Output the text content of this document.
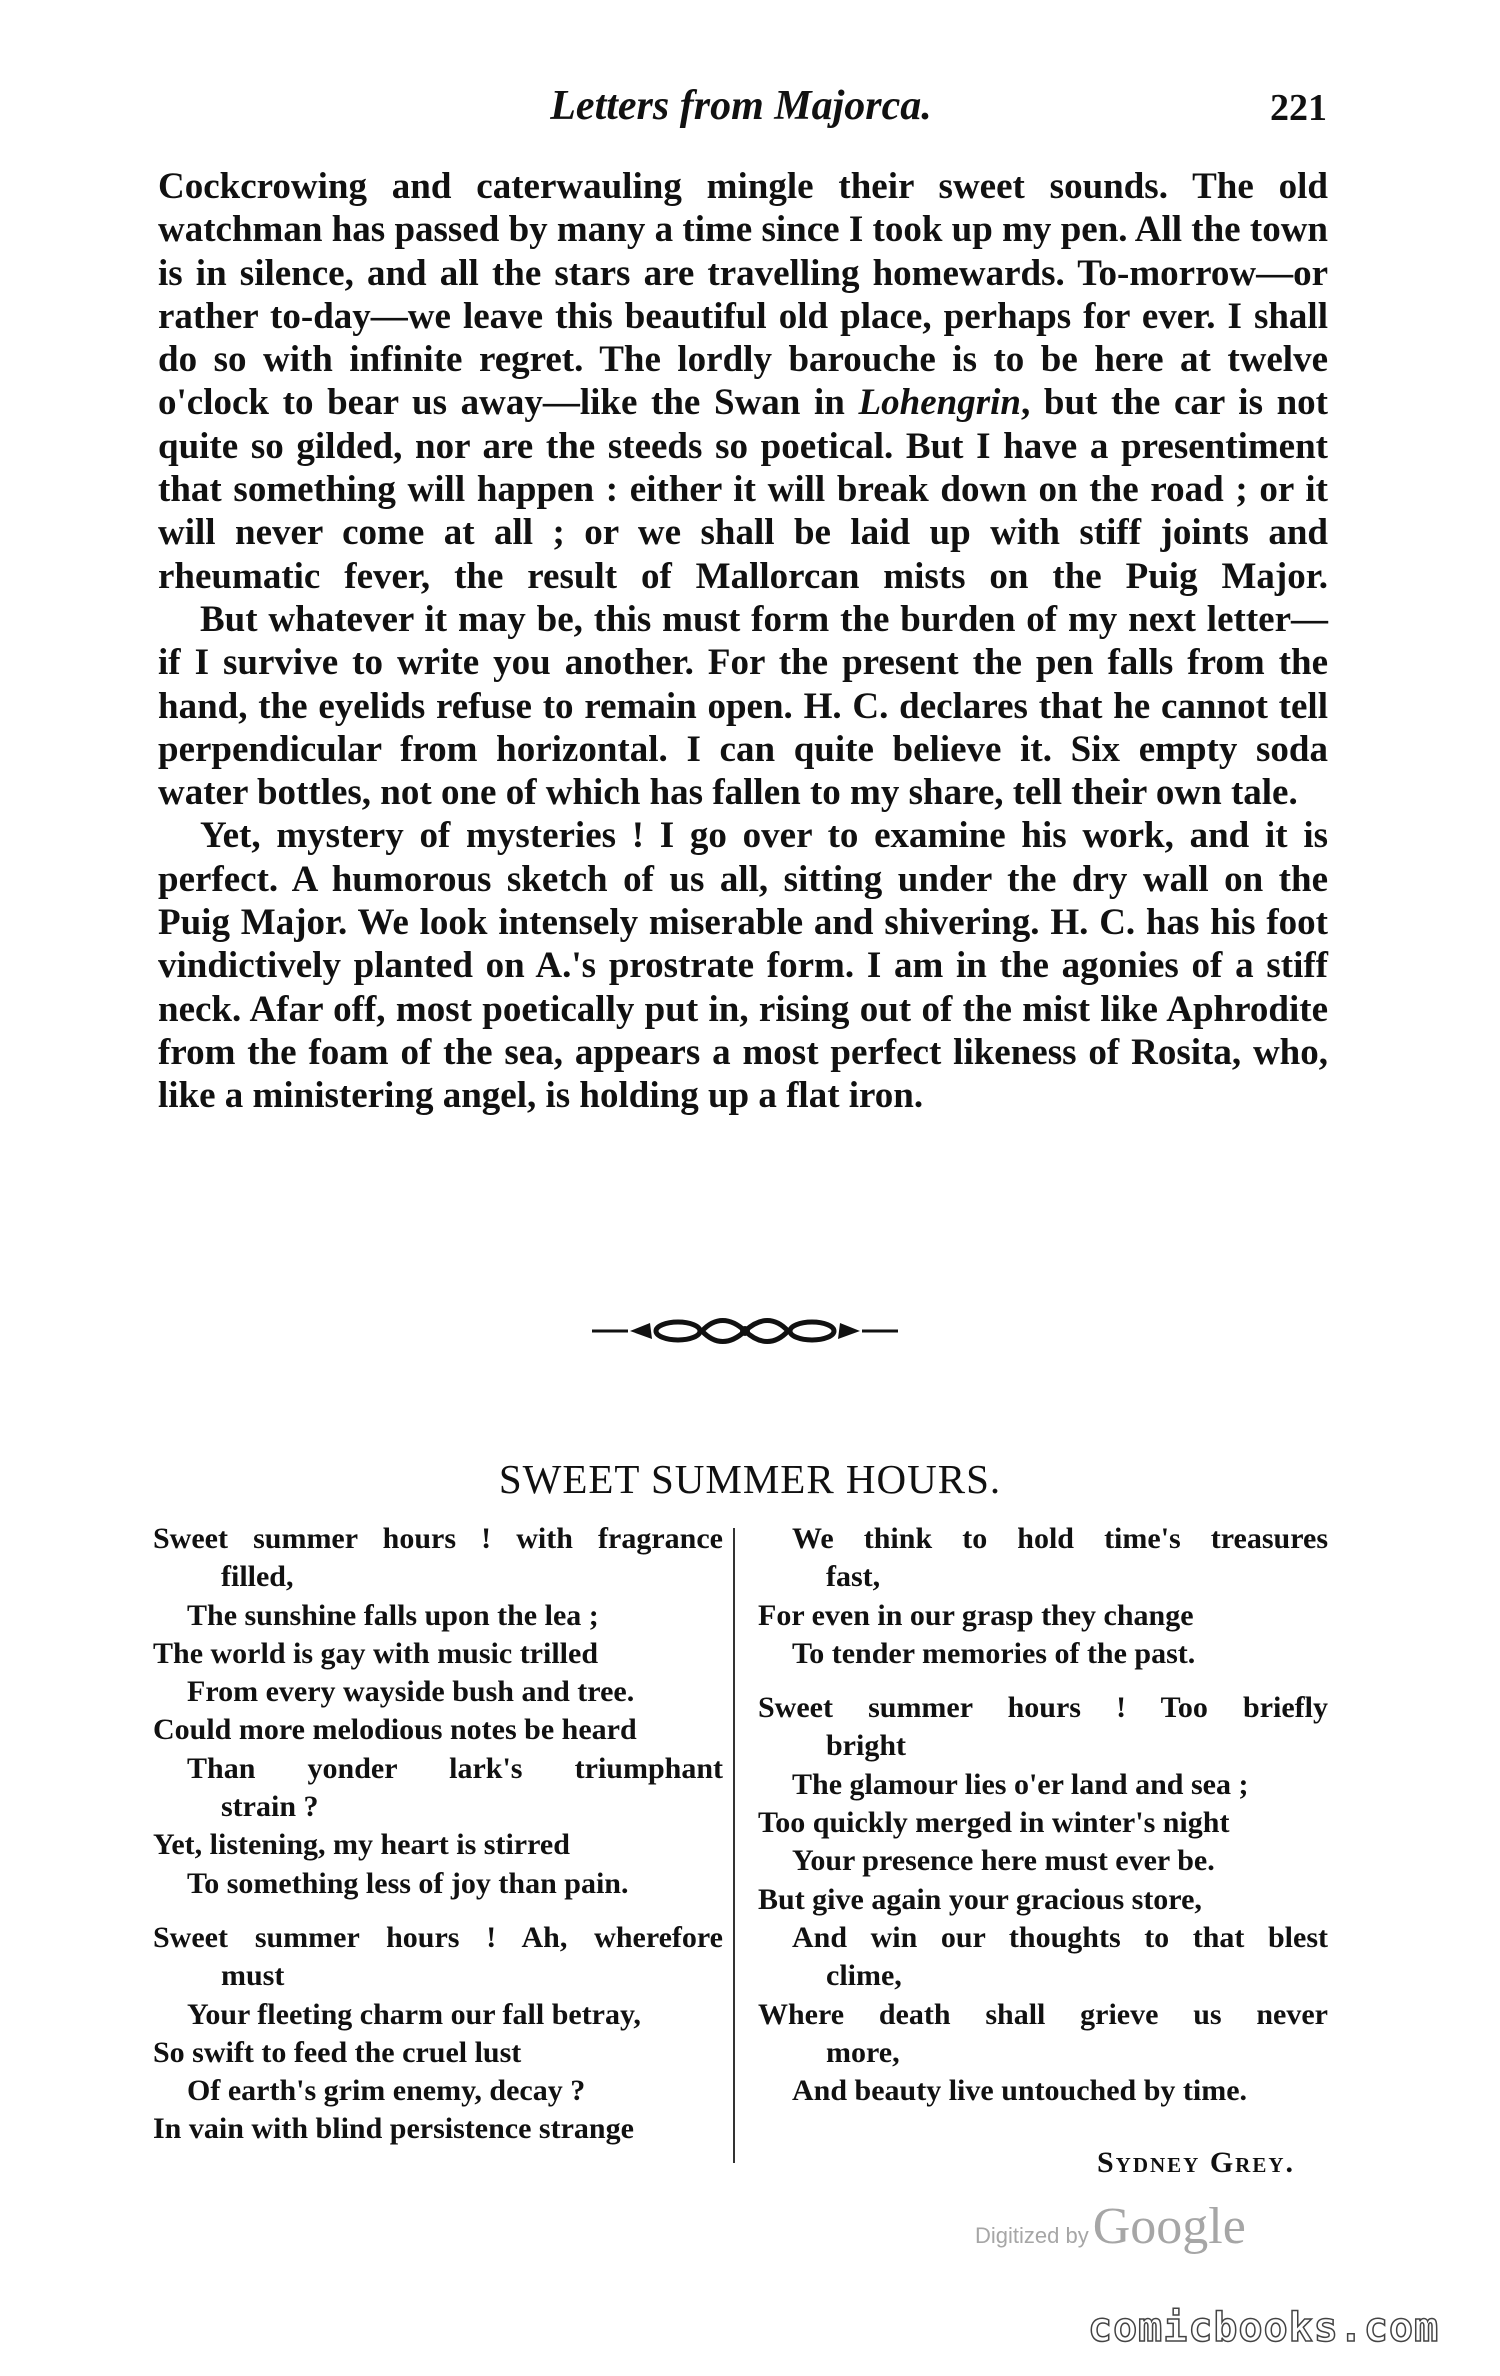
Letters from Majorca.	221

Cockcrowing and caterwauling mingle their sweet sounds. The old watchman has passed by many a time since I took up my pen. All the town is in silence, and all the stars are travelling homewards. To-morrow—or rather to-day—we leave this beautiful old place, perhaps for ever. I shall do so with infinite regret. The lordly barouche is to be here at twelve o'clock to bear us away—like the Swan in Lohengrin, but the car is not quite so gilded, nor are the steeds so poetical. But I have a presentiment that something will happen : either it will break down on the road ; or it will never come at all ; or we shall be laid up with stiff joints and rheumatic fever, the result of Mallorcan mists on the Puig Major.

But whatever it may be, this must form the burden of my next letter—if I survive to write you another. For the present the pen falls from the hand, the eyelids refuse to remain open. H. C. declares that he cannot tell perpendicular from horizontal. I can quite believe it. Six empty soda water bottles, not one of which has fallen to my share, tell their own tale.

Yet, mystery of mysteries ! I go over to examine his work, and it is perfect. A humorous sketch of us all, sitting under the dry wall on the Puig Major. We look intensely miserable and shivering. H. C. has his foot vindictively planted on A.'s prostrate form. I am in the agonies of a stiff neck. Afar off, most poetically put in, rising out of the mist like Aphrodite from the foam of the sea, appears a most perfect likeness of Rosita, who, like a ministering angel, is holding up a flat iron.

SWEET SUMMER HOURS.
Sweet summer hours ! with fragrance
filled,
The sunshine falls upon the lea ;
The world is gay with music trilled
From every wayside bush and tree.
Could more melodious notes be heard
Than yonder lark's triumphant
strain ?
Yet, listening, my heart is stirred
To something less of joy than pain.
Sweet summer hours ! Ah, wherefore
must
Your fleeting charm our fall betray,
So swift to feed the cruel lust
Of earth's grim enemy, decay ?
In vain with blind persistence strange
We think to hold time's treasures
fast,
For even in our grasp they change
To tender memories of the past.
Sweet summer hours ! Too briefly
bright
The glamour lies o'er land and sea ;
Too quickly merged in winter's night
Your presence here must ever be.
But give again your gracious store,
And win our thoughts to that blest
clime,
Where death shall grieve us never
more,
And beauty live untouched by time.
Sydney Grey.
Digitized by Google
comicbooks.com
